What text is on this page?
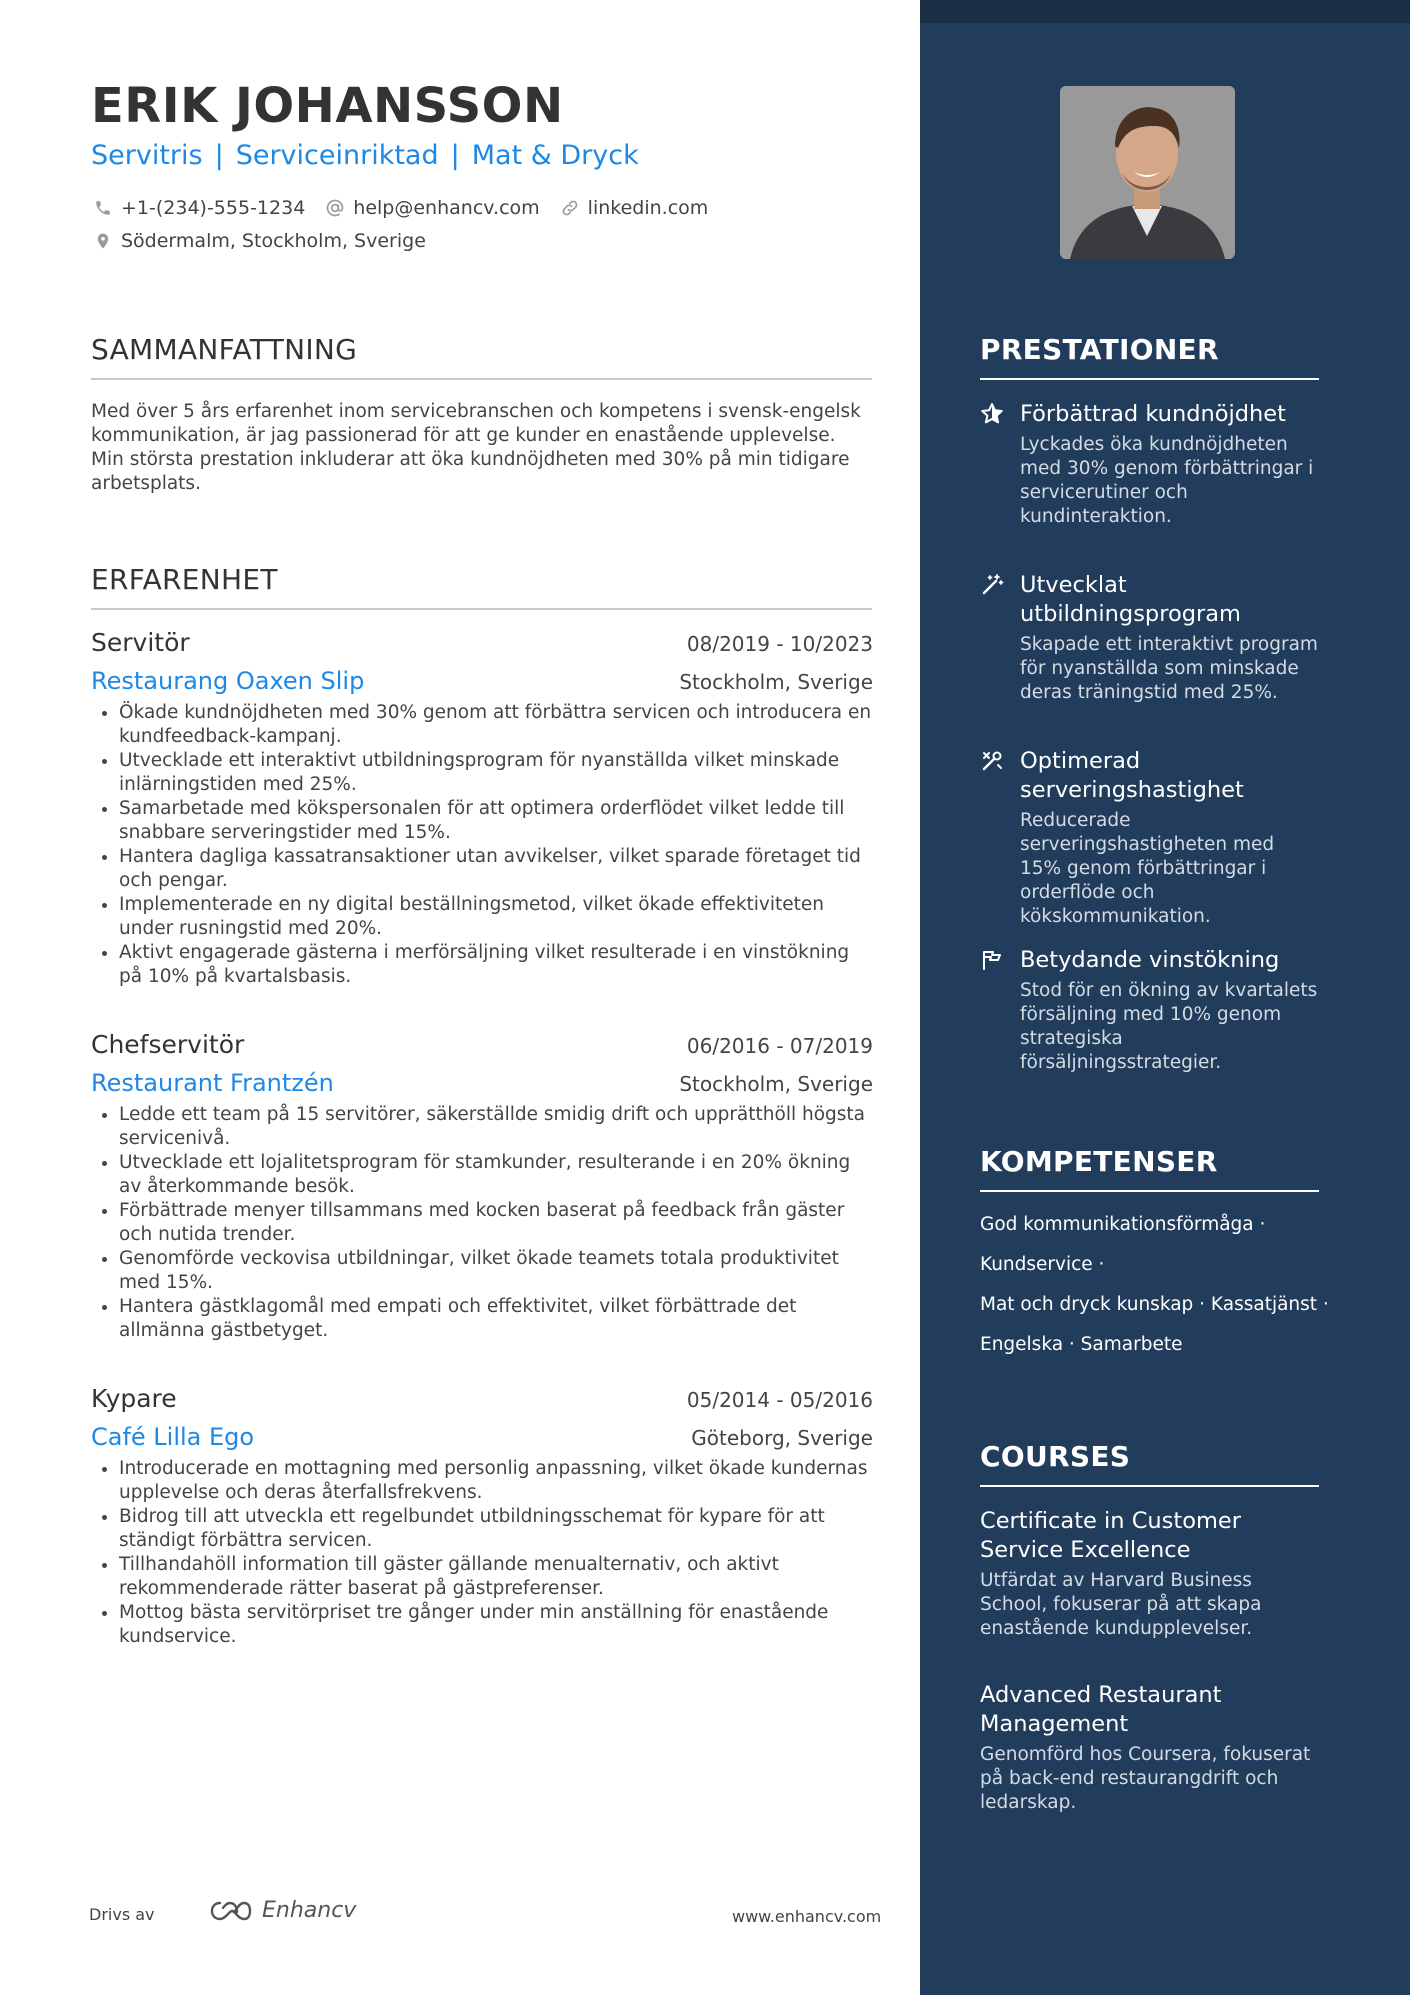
ERIK JOHANSSON
Servitris | Serviceinriktad | Mat & Dryck
+1-(234)-555-1234	help@enhancv.com	linkedin.com
Södermalm, Stockholm, Sverige
SAMMANFATTNING

Med över 5 års erfarenhet inom servicebranschen och kompetens i svensk-engelsk kommunikation, är jag passionerad för att ge kunder en enastående upplevelse. Min största prestation inkluderar att öka kundnöjdheten med 30% på min tidigare arbetsplats.

ERFARENHET
Servitör	08/2019 - 10/2023
Restaurang Oaxen Slip	Stockholm, Sverige
• Ökade kundnöjdheten med 30% genom att förbättra servicen och introducera en kundfeedback-kampanj.
• Utvecklade ett interaktivt utbildningsprogram för nyanställda vilket minskade inlärningstiden med 25%.
• Samarbetade med kökspersonalen för att optimera orderflödet vilket ledde till snabbare serveringstider med 15%.
• Hantera dagliga kassatransaktioner utan avvikelser, vilket sparade företaget tid och pengar.
• Implementerade en ny digital beställningsmetod, vilket ökade effektiviteten under rusningstid med 20%.
• Aktivt engagerade gästerna i merförsäljning vilket resulterade i en vinstökning på 10% på kvartalsbasis.
Chefservitör	06/2016 - 07/2019
Restaurant Frantzén	Stockholm, Sverige
• Ledde ett team på 15 servitörer, säkerställde smidig drift och upprätthöll högsta servicenivå.
• Utvecklade ett lojalitetsprogram för stamkunder, resulterande i en 20% ökning av återkommande besök.
• Förbättrade menyer tillsammans med kocken baserat på feedback från gäster och nutida trender.
• Genomförde veckovisa utbildningar, vilket ökade teamets totala produktivitet med 15%.
• Hantera gästklagomål med empati och effektivitet, vilket förbättrade det allmänna gästbetyget.
Kypare	05/2014 - 05/2016
Café Lilla Ego	Göteborg, Sverige
• Introducerade en mottagning med personlig anpassning, vilket ökade kundernas upplevelse och deras återfallsfrekvens.
• Bidrog till att utveckla ett regelbundet utbildningsschemat för kypare för att ständigt förbättra servicen.
• Tillhandahöll information till gäster gällande menualternativ, och aktivt rekommenderade rätter baserat på gästpreferenser.
• Mottog bästa servitörpriset tre gånger under min anställning för enastående kundservice.
Drivs av	Enhancv	www.enhancv.com
PRESTATIONER
Förbättrad kundnöjdhet
Lyckades öka kundnöjdheten med 30% genom förbättringar i servicerutiner och kundinteraktion.
Utvecklat utbildningsprogram
Skapade ett interaktivt program för nyanställda som minskade deras träningstid med 25%.
Optimerad serveringshastighet
Reducerade serveringshastigheten med 15% genom förbättringar i orderflöde och kökskommunikation.
Betydande vinstökning
Stod för en ökning av kvartalets försäljning med 10% genom strategiska försäljningsstrategier.
KOMPETENSER
God kommunikationsförmåga ·
Kundservice ·
Mat och dryck kunskap · Kassatjänst ·
Engelska · Samarbete
COURSES
Certificate in Customer Service Excellence
Utfärdat av Harvard Business School, fokuserar på att skapa enastående kundupplevelser.
Advanced Restaurant Management
Genomförd hos Coursera, fokuserat på back-end restaurangdrift och ledarskap.
